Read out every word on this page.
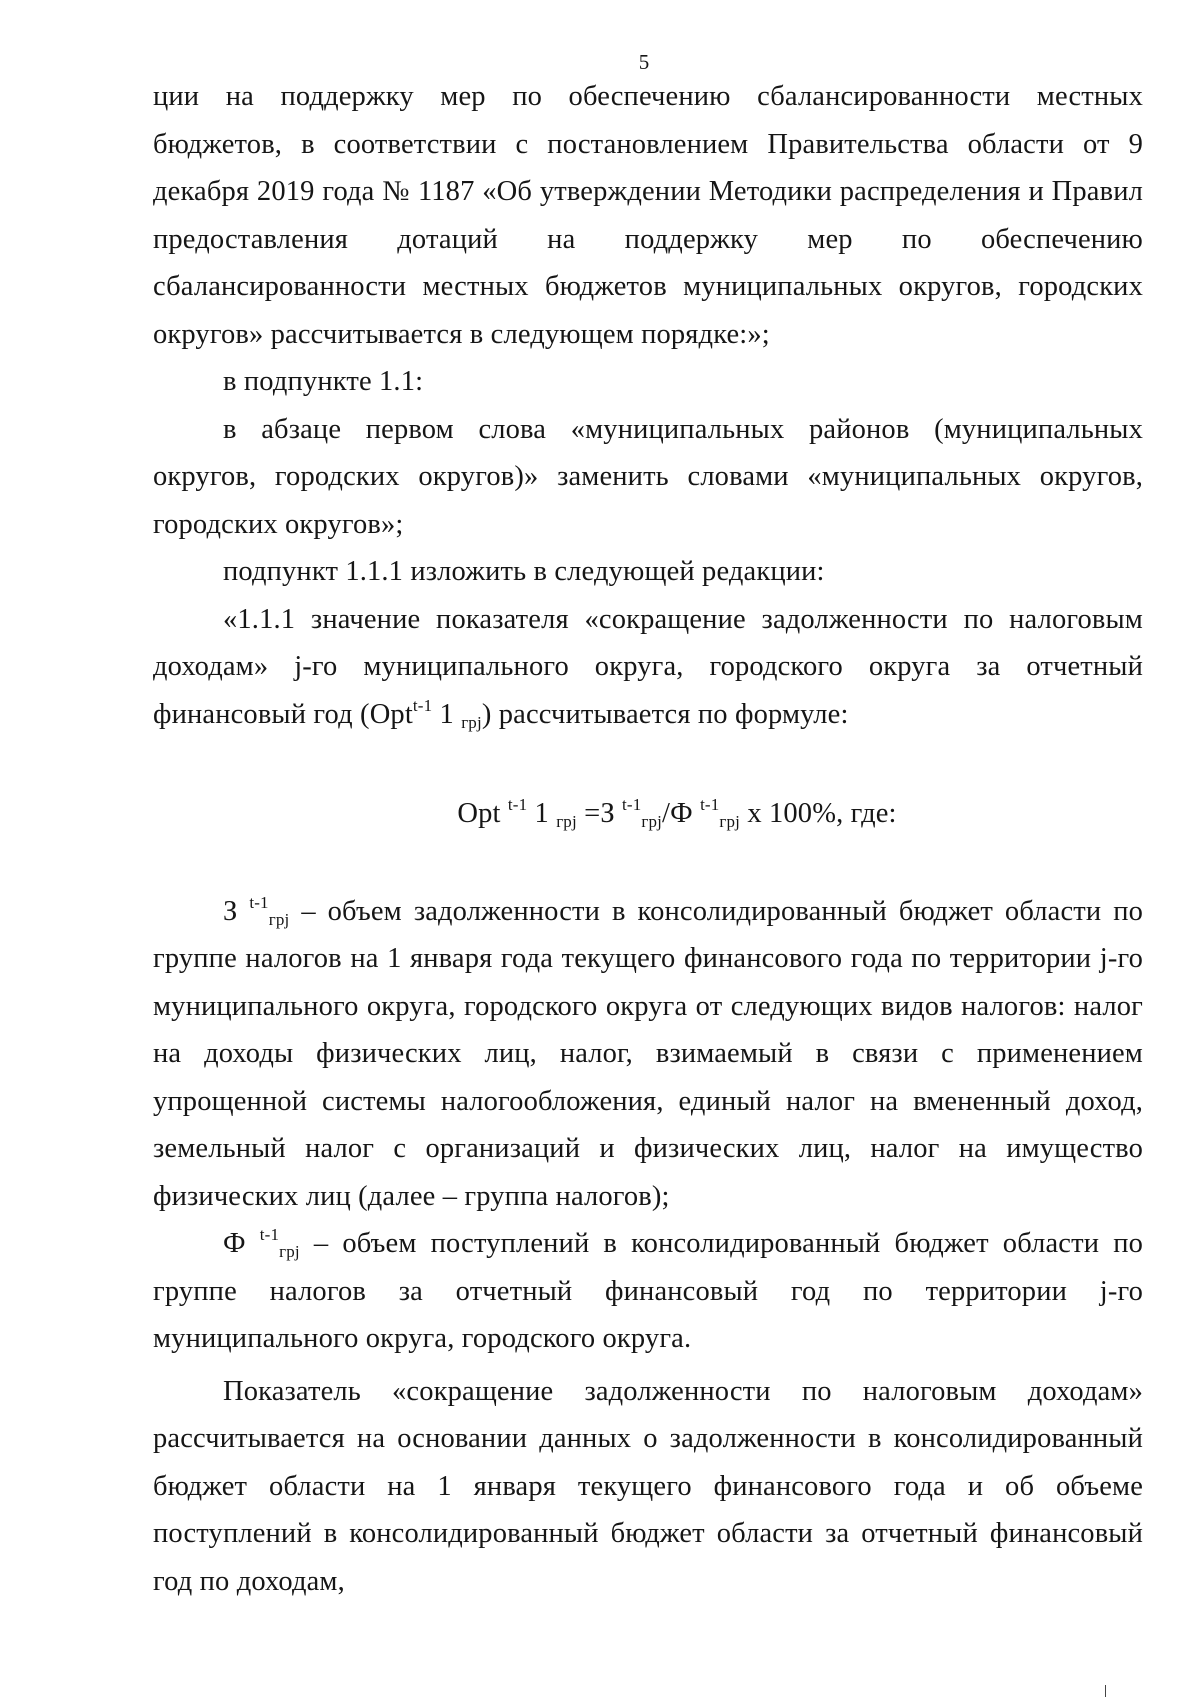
5

ции на поддержку мер по обеспечению сбалансированности местных бюджетов, в соответствии с постановлением Правительства области от 9 декабря 2019 года № 1187 «Об утверждении Методики распределения и Правил предоставления дотаций на поддержку мер по обеспечению сбалансированности местных бюджетов муниципальных округов, городских округов» рассчитывается в следующем порядке:»;

в подпункте 1.1:

в абзаце первом слова «муниципальных районов (муниципальных округов, городских округов)» заменить словами «муниципальных округов, городских округов»;

подпункт 1.1.1 изложить в следующей редакции:

«1.1.1 значение показателя «сокращение задолженности по налоговым доходам» j-го муниципального округа, городского округа за отчетный финансовый год (Opt$^{t-1}$ 1 $_{грj}$) рассчитывается по формуле:

Opt $^{t-1}$ 1 $_{грj}$ =З $^{t-1}_{грj}$/Ф $^{t-1}_{грj}$ х 100%, где:

З $^{t-1}_{грj}$ – объем задолженности в консолидированный бюджет области по группе налогов на 1 января года текущего финансового года по территории j-го муниципального округа, городского округа от следующих видов налогов: налог на доходы физических лиц, налог, взимаемый в связи с применением упрощенной системы налогообложения, единый налог на вмененный доход, земельный налог с организаций и физических лиц, налог на имущество физических лиц (далее – группа налогов);

Ф $^{t-1}_{грj}$ – объем поступлений в консолидированный бюджет области по группе налогов за отчетный финансовый год по территории j-го муниципального округа, городского округа.

Показатель «сокращение задолженности по налоговым доходам» рассчитывается на основании данных о задолженности в консолидированный бюджет области на 1 января текущего финансового года и об объеме поступлений в консолидированный бюджет области за отчетный финансовый год по доходам,
